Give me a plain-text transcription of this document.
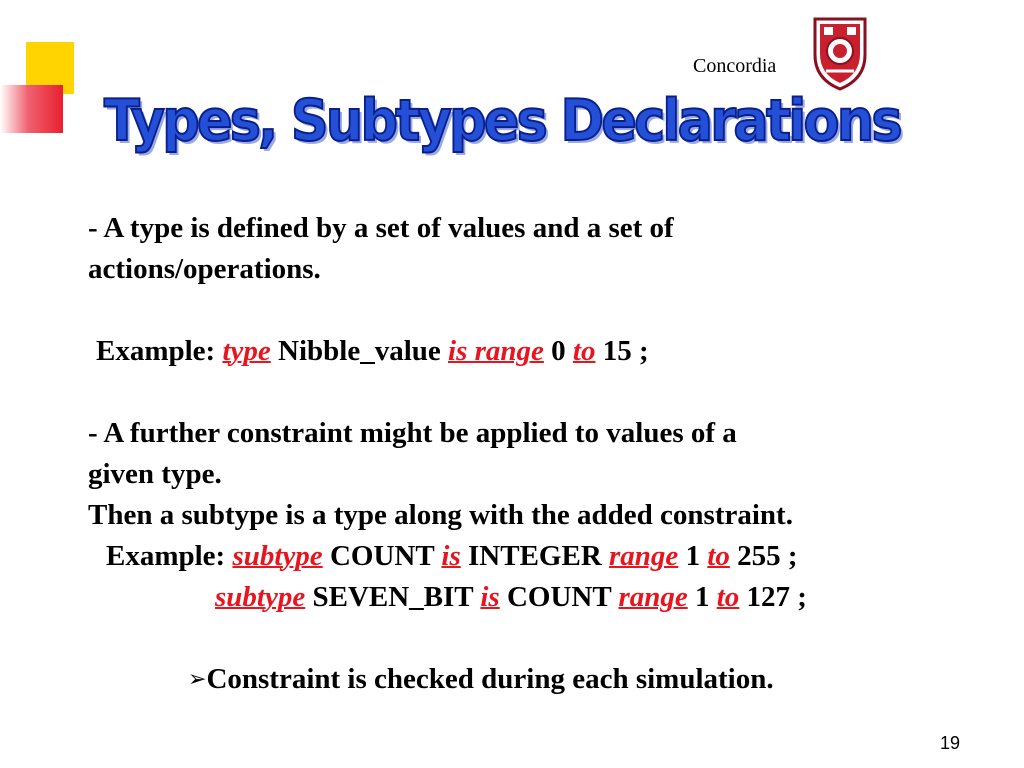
Concordia
Types, Subtypes Declarations

- A type is defined by a set of values and a set of

actions/operations.
Example: type Nibble_value is range 0 to 15 ;

- A further constraint might be applied to values of a

given type.
Then a subtype is a type along with the added constraint.
Example: subtype COUNT is INTEGER range 1 to 255 ;
subtype SEVEN_BIT is COUNT range 1 to 127 ;
➢Constraint is checked during each simulation.
19
